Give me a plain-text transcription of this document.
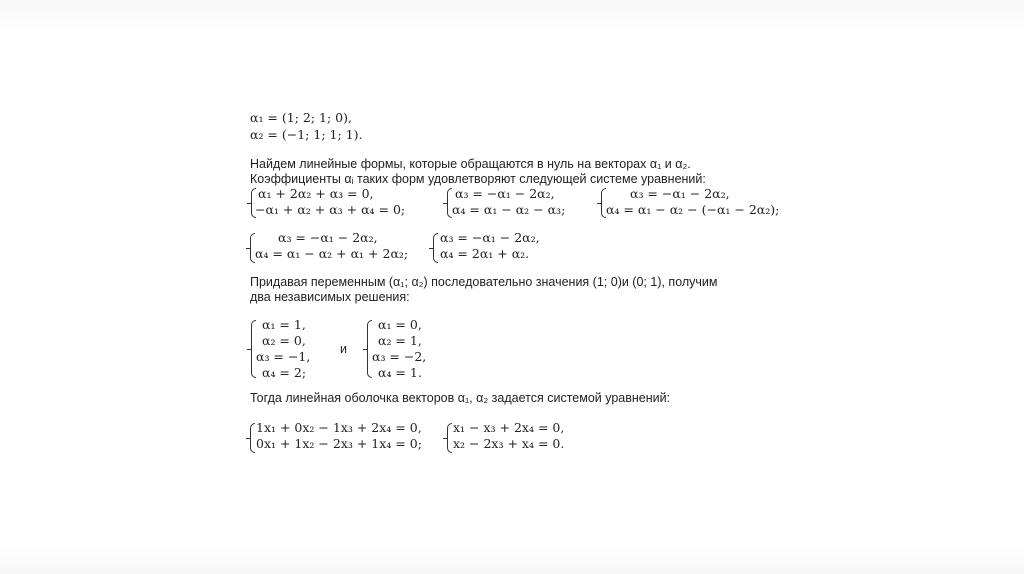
α₁ = (1; 2; 1; 0),
α₂ = (−1; 1; 1; 1).
Найдем линейные формы, которые обращаются в нуль на векторах α₁ и α₂.
Коэффициенты αᵢ таких форм удовлетворяют следующей системе уравнений:
α₁ + 2α₂ + α₃ = 0,
−α₁ + α₂ + α₃ + α₄ = 0;
α₃ = −α₁ − 2α₂,
α₄ = α₁ − α₂ − α₃;
α₃ = −α₁ − 2α₂,
α₄ = α₁ − α₂ − (−α₁ − 2α₂);
α₃ = −α₁ − 2α₂,
α₄ = α₁ − α₂ + α₁ + 2α₂;
α₃ = −α₁ − 2α₂,
α₄ = 2α₁ + α₂.
Придавая переменным (α₁; α₂) последовательно значения (1; 0)и (0; 1), получим
два независимых решения:
α₁ = 1,
α₂ = 0,
α₃ = −1,
α₄ = 2;
и
α₁ = 0,
α₂ = 1,
α₃ = −2,
α₄ = 1.
Тогда линейная оболочка векторов α₁, α₂ задается системой уравнений:
1x₁ + 0x₂ − 1x₃ + 2x₄ = 0,
0x₁ + 1x₂ − 2x₃ + 1x₄ = 0;
x₁ − x₃ + 2x₄ = 0,
x₂ − 2x₃ + x₄ = 0.
